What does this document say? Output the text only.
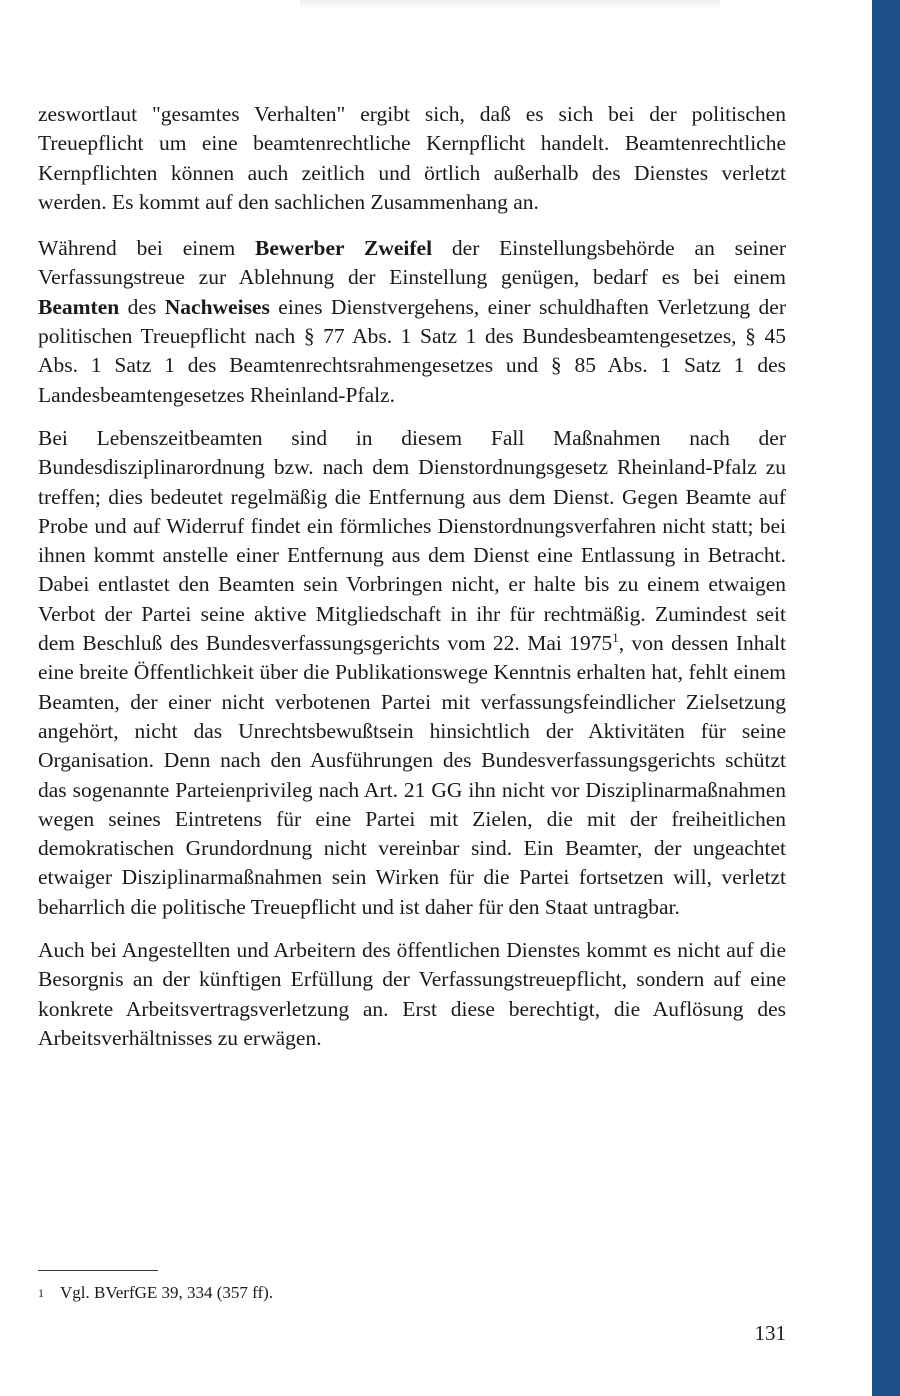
zeswortlaut "gesamtes Verhalten" ergibt sich, daß es sich bei der politischen Treuepflicht um eine beamtenrechtliche Kernpflicht handelt. Beamtenrechtliche Kernpflichten können auch zeitlich und örtlich außerhalb des Dienstes verletzt werden. Es kommt auf den sachlichen Zusammenhang an.

Während bei einem Bewerber Zweifel der Einstellungsbehörde an seiner Verfassungstreue zur Ablehnung der Einstellung genügen, bedarf es bei einem Beamten des Nachweises eines Dienstvergehens, einer schuldhaften Verletzung der politischen Treuepflicht nach § 77 Abs. 1 Satz 1 des Bundesbeamtengesetzes, § 45 Abs. 1 Satz 1 des Beamtenrechtsrahmengesetzes und § 85 Abs. 1 Satz 1 des Landesbeamtengesetzes Rheinland-Pfalz.

Bei Lebenszeitbeamten sind in diesem Fall Maßnahmen nach der Bundesdisziplinarordnung bzw. nach dem Dienstordnungsgesetz Rheinland-Pfalz zu treffen; dies bedeutet regelmäßig die Entfernung aus dem Dienst. Gegen Beamte auf Probe und auf Widerruf findet ein förmliches Dienstordnungsverfahren nicht statt; bei ihnen kommt anstelle einer Entfernung aus dem Dienst eine Entlassung in Betracht. Dabei entlastet den Beamten sein Vorbringen nicht, er halte bis zu einem etwaigen Verbot der Partei seine aktive Mitgliedschaft in ihr für rechtmäßig. Zumindest seit dem Beschluß des Bundesverfassungsgerichts vom 22. Mai 1975$^1$, von dessen Inhalt eine breite Öffentlichkeit über die Publikationswege Kenntnis erhalten hat, fehlt einem Beamten, der einer nicht verbotenen Partei mit verfassungsfeindlicher Zielsetzung angehört, nicht das Unrechtsbewußtsein hinsichtlich der Aktivitäten für seine Organisation. Denn nach den Ausführungen des Bundesverfassungsgerichts schützt das sogenannte Parteienprivileg nach Art. 21 GG ihn nicht vor Disziplinarmaßnahmen wegen seines Eintretens für eine Partei mit Zielen, die mit der freiheitlichen demokratischen Grundordnung nicht vereinbar sind. Ein Beamter, der ungeachtet etwaiger Disziplinarmaßnahmen sein Wirken für die Partei fortsetzen will, verletzt beharrlich die politische Treuepflicht und ist daher für den Staat untragbar.

Auch bei Angestellten und Arbeitern des öffentlichen Dienstes kommt es nicht auf die Besorgnis an der künftigen Erfüllung der Verfassungstreuepflicht, sondern auf eine konkrete Arbeitsvertragsverletzung an. Erst diese berechtigt, die Auflösung des Arbeitsverhältnisses zu erwägen.

$^1$ Vgl. BVerfGE 39, 334 (357 ff).
131
